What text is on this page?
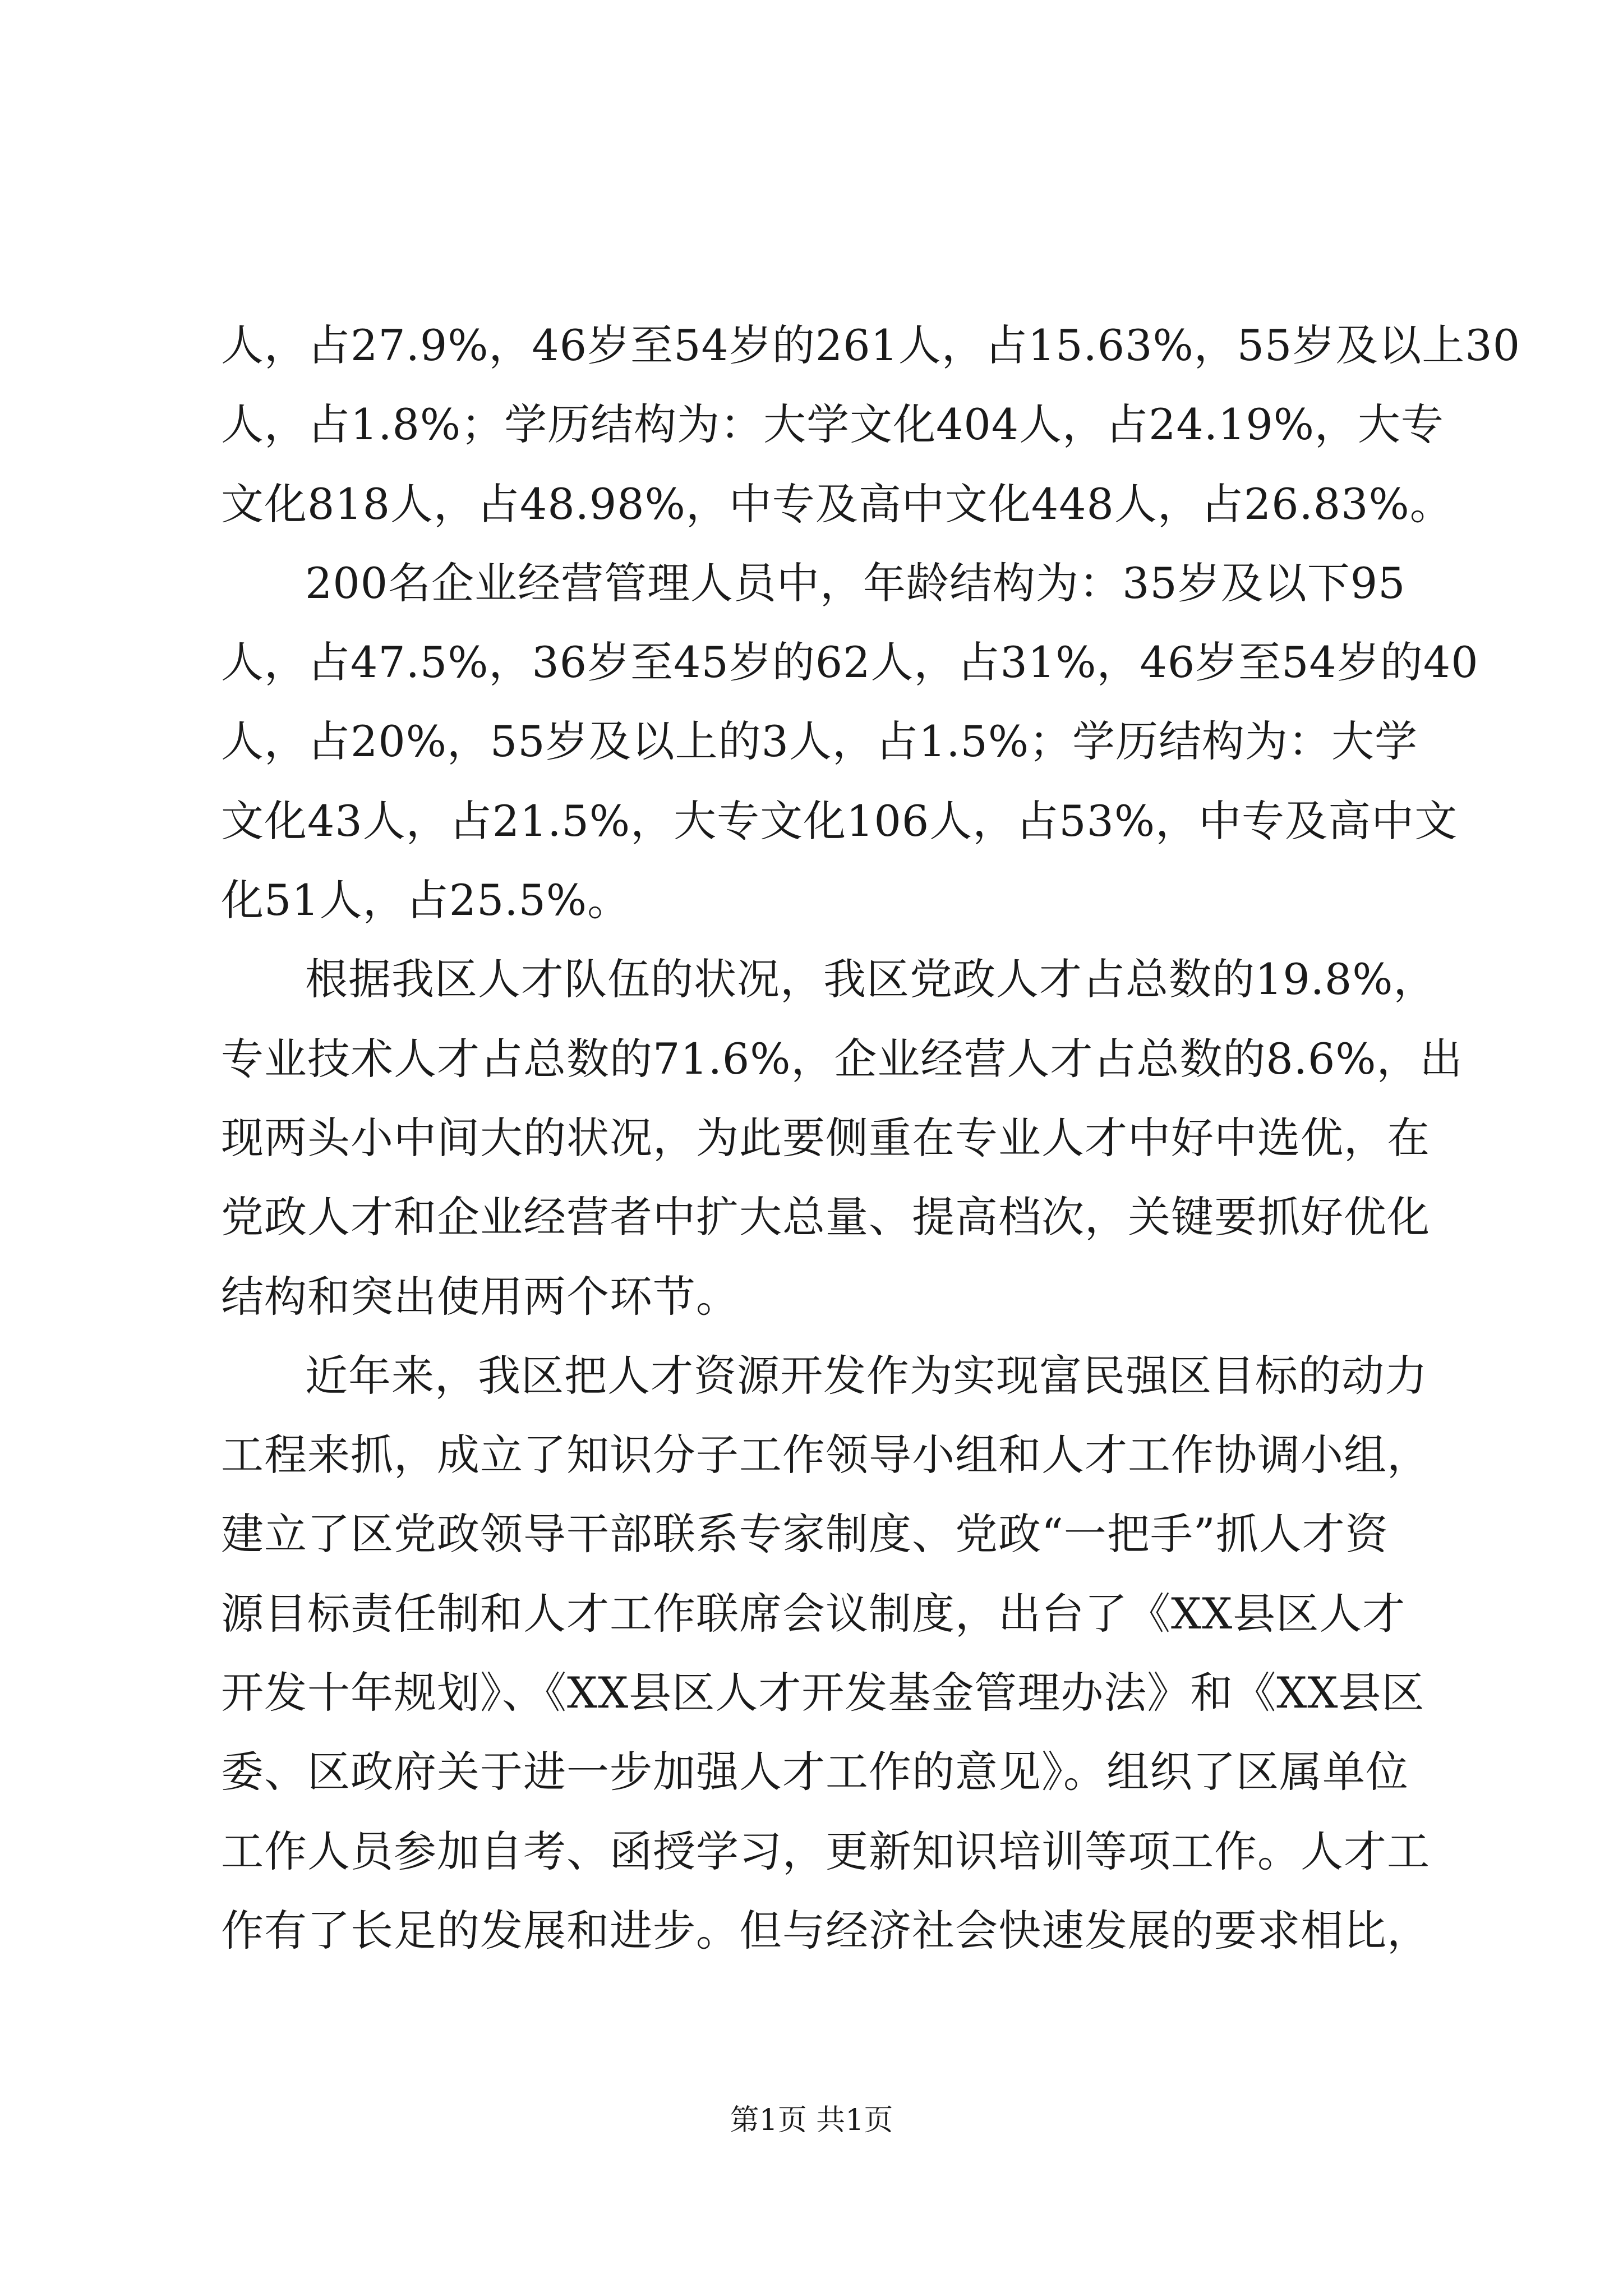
人，占27.9%，46岁至54岁的261人，占15.63%，55岁及以上30
人，占1.8%；学历结构为：大学文化404人，占24.19%，大专
文化818人，占48.98%，中专及高中文化448人，占26.83%。
200名企业经营管理人员中，年龄结构为：35岁及以下95
人，占47.5%，36岁至45岁的62人，占31%，46岁至54岁的40
人，占20%，55岁及以上的3人，占1.5%；学历结构为：大学
文化43人，占21.5%，大专文化106人，占53%，中专及高中文
化51人，占25.5%。
根据我区人才队伍的状况，我区党政人才占总数的19.8%，
专业技术人才占总数的71.6%，企业经营人才占总数的8.6%，出
现两头小中间大的状况，为此要侧重在专业人才中好中选优，在
党政人才和企业经营者中扩大总量、提高档次，关键要抓好优化
结构和突出使用两个环节。
近年来，我区把人才资源开发作为实现富民强区目标的动力
工程来抓，成立了知识分子工作领导小组和人才工作协调小组，
建立了区党政领导干部联系专家制度、党政“一把手”抓人才资
源目标责任制和人才工作联席会议制度，出台了《XX县区人才
开发十年规划》、《XX县区人才开发基金管理办法》和《XX县区
委、区政府关于进一步加强人才工作的意见》。组织了区属单位
工作人员参加自考、函授学习，更新知识培训等项工作。人才工
作有了长足的发展和进步。但与经济社会快速发展的要求相比，
第1页 共1页
